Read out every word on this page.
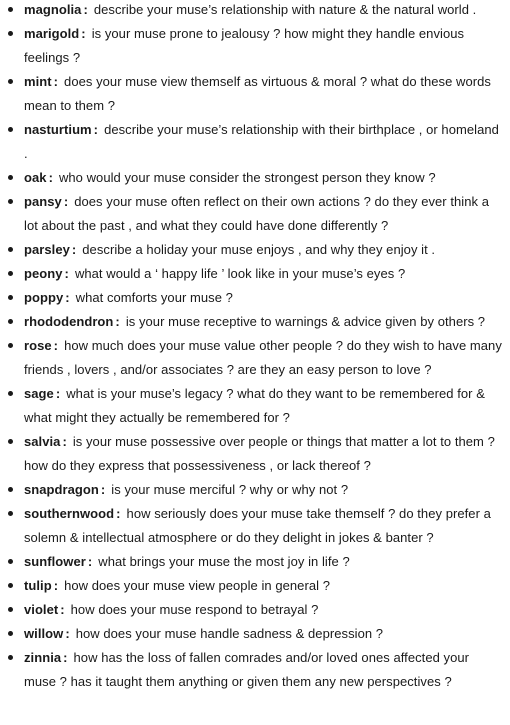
magnolia : describe your muse’s relationship with nature & the natural world .
marigold : is your muse prone to jealousy ? how might they handle envious feelings ?
mint : does your muse view themself as virtuous & moral ? what do these words mean to them ?
nasturtium : describe your muse’s relationship with their birthplace , or homeland .
oak : who would your muse consider the strongest person they know ?
pansy : does your muse often reflect on their own actions ? do they ever think a lot about the past , and what they could have done differently ?
parsley : describe a holiday your muse enjoys , and why they enjoy it .
peony : what would a ‘ happy life ’ look like in your muse’s eyes ?
poppy : what comforts your muse ?
rhododendron : is your muse receptive to warnings & advice given by others ?
rose : how much does your muse value other people ? do they wish to have many friends , lovers , and/or associates ? are they an easy person to love ?
sage : what is your muse’s legacy ? what do they want to be remembered for & what might they actually be remembered for ?
salvia : is your muse possessive over people or things that matter a lot to them ? how do they express that possessiveness , or lack thereof ?
snapdragon : is your muse merciful ? why or why not ?
southernwood : how seriously does your muse take themself ? do they prefer a solemn & intellectual atmosphere or do they delight in jokes & banter ?
sunflower : what brings your muse the most joy in life ?
tulip : how does your muse view people in general ?
violet : how does your muse respond to betrayal ?
willow : how does your muse handle sadness & depression ?
zinnia : how has the loss of fallen comrades and/or loved ones affected your muse ? has it taught them anything or given them any new perspectives ?
